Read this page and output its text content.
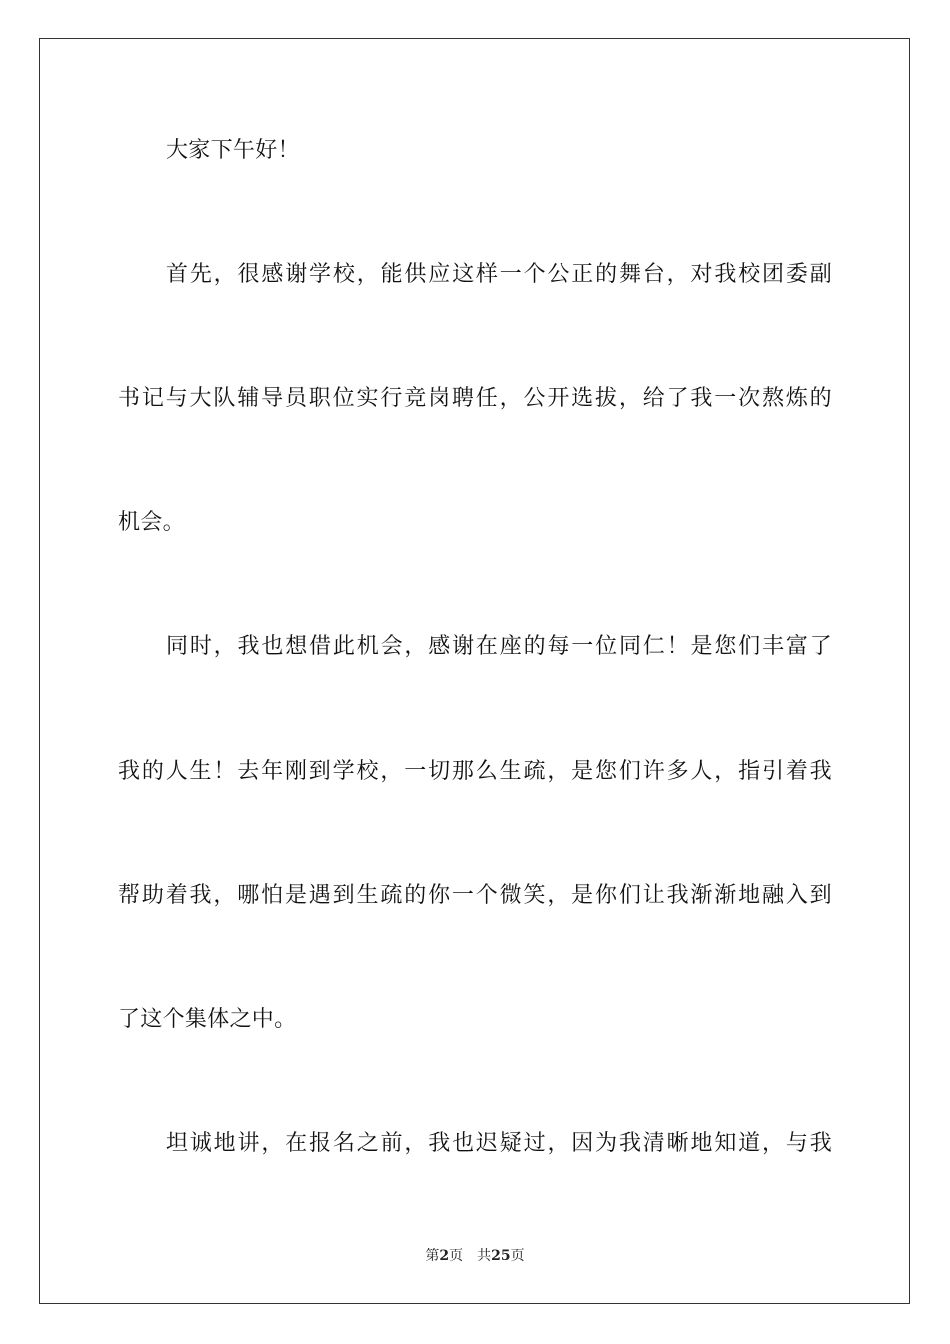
大家下午好！
首先，很感谢学校，能供应这样一个公正的舞台，对我校团委副
书记与大队辅导员职位实行竞岗聘任，公开选拔，给了我一次熬炼的
机会。
同时，我也想借此机会，感谢在座的每一位同仁！是您们丰富了
我的人生！去年刚到学校，一切那么生疏，是您们许多人，指引着我
帮助着我，哪怕是遇到生疏的你一个微笑，是你们让我渐渐地融入到
了这个集体之中。
坦诚地讲，在报名之前，我也迟疑过，因为我清晰地知道，与我
第2页 共25页
